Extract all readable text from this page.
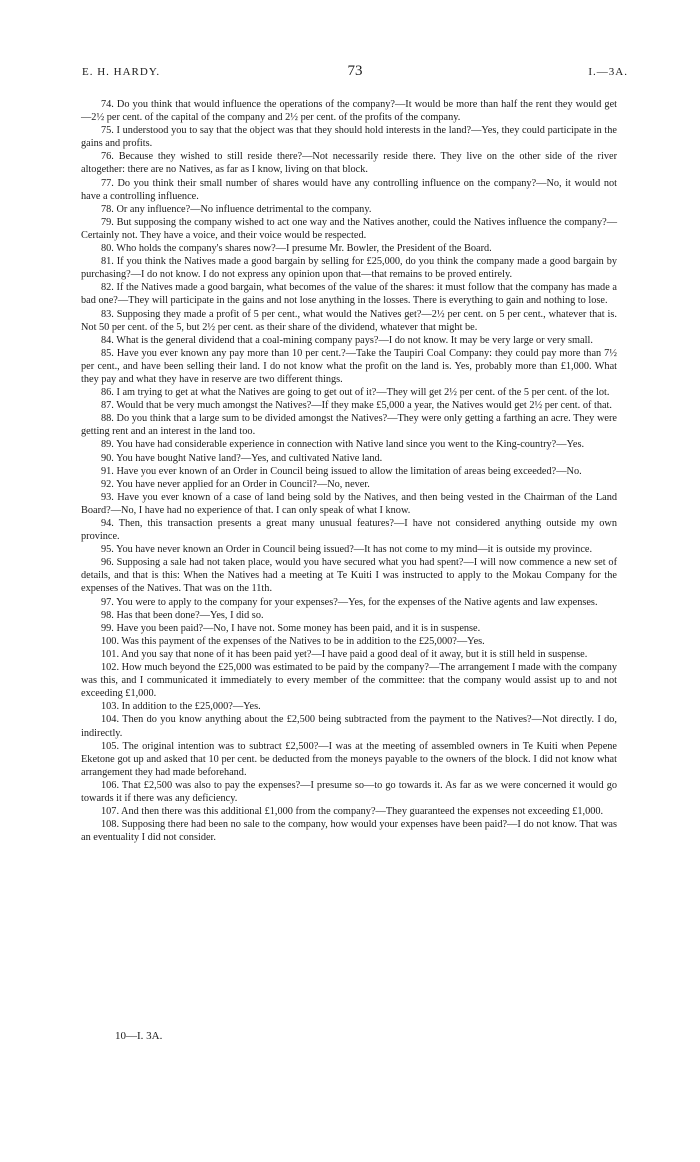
E. H. HARDY.	73	I.—3A.

74. Do you think that would influence the operations of the company?—It would be more than half the rent they would get—2½ per cent. of the capital of the company and 2½ per cent. of the profits of the company.

75. I understood you to say that the object was that they should hold interests in the land?—Yes, they could participate in the gains and profits.

76. Because they wished to still reside there?—Not necessarily reside there. They live on the other side of the river altogether: there are no Natives, as far as I know, living on that block.

77. Do you think their small number of shares would have any controlling influence on the company?—No, it would not have a controlling influence.

78. Or any influence?—No influence detrimental to the company.

79. But supposing the company wished to act one way and the Natives another, could the Natives influence the company?—Certainly not. They have a voice, and their voice would be respected.

80. Who holds the company's shares now?—I presume Mr. Bowler, the President of the Board.

81. If you think the Natives made a good bargain by selling for £25,000, do you think the company made a good bargain by purchasing?—I do not know. I do not express any opinion upon that—that remains to be proved entirely.

82. If the Natives made a good bargain, what becomes of the value of the shares: it must follow that the company has made a bad one?—They will participate in the gains and not lose anything in the losses. There is everything to gain and nothing to lose.

83. Supposing they made a profit of 5 per cent., what would the Natives get?—2½ per cent. on 5 per cent., whatever that is. Not 50 per cent. of the 5, but 2½ per cent. as their share of the dividend, whatever that might be.

84. What is the general dividend that a coal-mining company pays?—I do not know. It may be very large or very small.

85. Have you ever known any pay more than 10 per cent.?—Take the Taupiri Coal Company: they could pay more than 7½ per cent., and have been selling their land. I do not know what the profit on the land is. Yes, probably more than £1,000. What they pay and what they have in reserve are two different things.

86. I am trying to get at what the Natives are going to get out of it?—They will get 2½ per cent. of the 5 per cent. of the lot.

87. Would that be very much amongst the Natives?—If they make £5,000 a year, the Natives would get 2½ per cent. of that.

88. Do you think that a large sum to be divided amongst the Natives?—They were only getting a farthing an acre. They were getting rent and an interest in the land too.

89. You have had considerable experience in connection with Native land since you went to the King-country?—Yes.

90. You have bought Native land?—Yes, and cultivated Native land.

91. Have you ever known of an Order in Council being issued to allow the limitation of areas being exceeded?—No.

92. You have never applied for an Order in Council?—No, never.

93. Have you ever known of a case of land being sold by the Natives, and then being vested in the Chairman of the Land Board?—No, I have had no experience of that. I can only speak of what I know.

94. Then, this transaction presents a great many unusual features?—I have not considered anything outside my own province.

95. You have never known an Order in Council being issued?—It has not come to my mind—it is outside my province.

96. Supposing a sale had not taken place, would you have secured what you had spent?—I will now commence a new set of details, and that is this: When the Natives had a meeting at Te Kuiti I was instructed to apply to the Mokau Company for the expenses of the Natives. That was on the 11th.

97. You were to apply to the company for your expenses?—Yes, for the expenses of the Native agents and law expenses.

98. Has that been done?—Yes, I did so.

99. Have you been paid?—No, I have not. Some money has been paid, and it is in suspense.

100. Was this payment of the expenses of the Natives to be in addition to the £25,000?—Yes.

101. And you say that none of it has been paid yet?—I have paid a good deal of it away, but it is still held in suspense.

102. How much beyond the £25,000 was estimated to be paid by the company?—The arrangement I made with the company was this, and I communicated it immediately to every member of the committee: that the company would assist up to and not exceeding £1,000.

103. In addition to the £25,000?—Yes.

104. Then do you know anything about the £2,500 being subtracted from the payment to the Natives?—Not directly. I do, indirectly.

105. The original intention was to subtract £2,500?—I was at the meeting of assembled owners in Te Kuiti when Pepene Eketone got up and asked that 10 per cent. be deducted from the moneys payable to the owners of the block. I did not know what arrangement they had made beforehand.

106. That £2,500 was also to pay the expenses?—I presume so—to go towards it. As far as we were concerned it would go towards it if there was any deficiency.

107. And then there was this additional £1,000 from the company?—They guaranteed the expenses not exceeding £1,000.

108. Supposing there had been no sale to the company, how would your expenses have been paid?—I do not know. That was an eventuality I did not consider.

10—I. 3A.
